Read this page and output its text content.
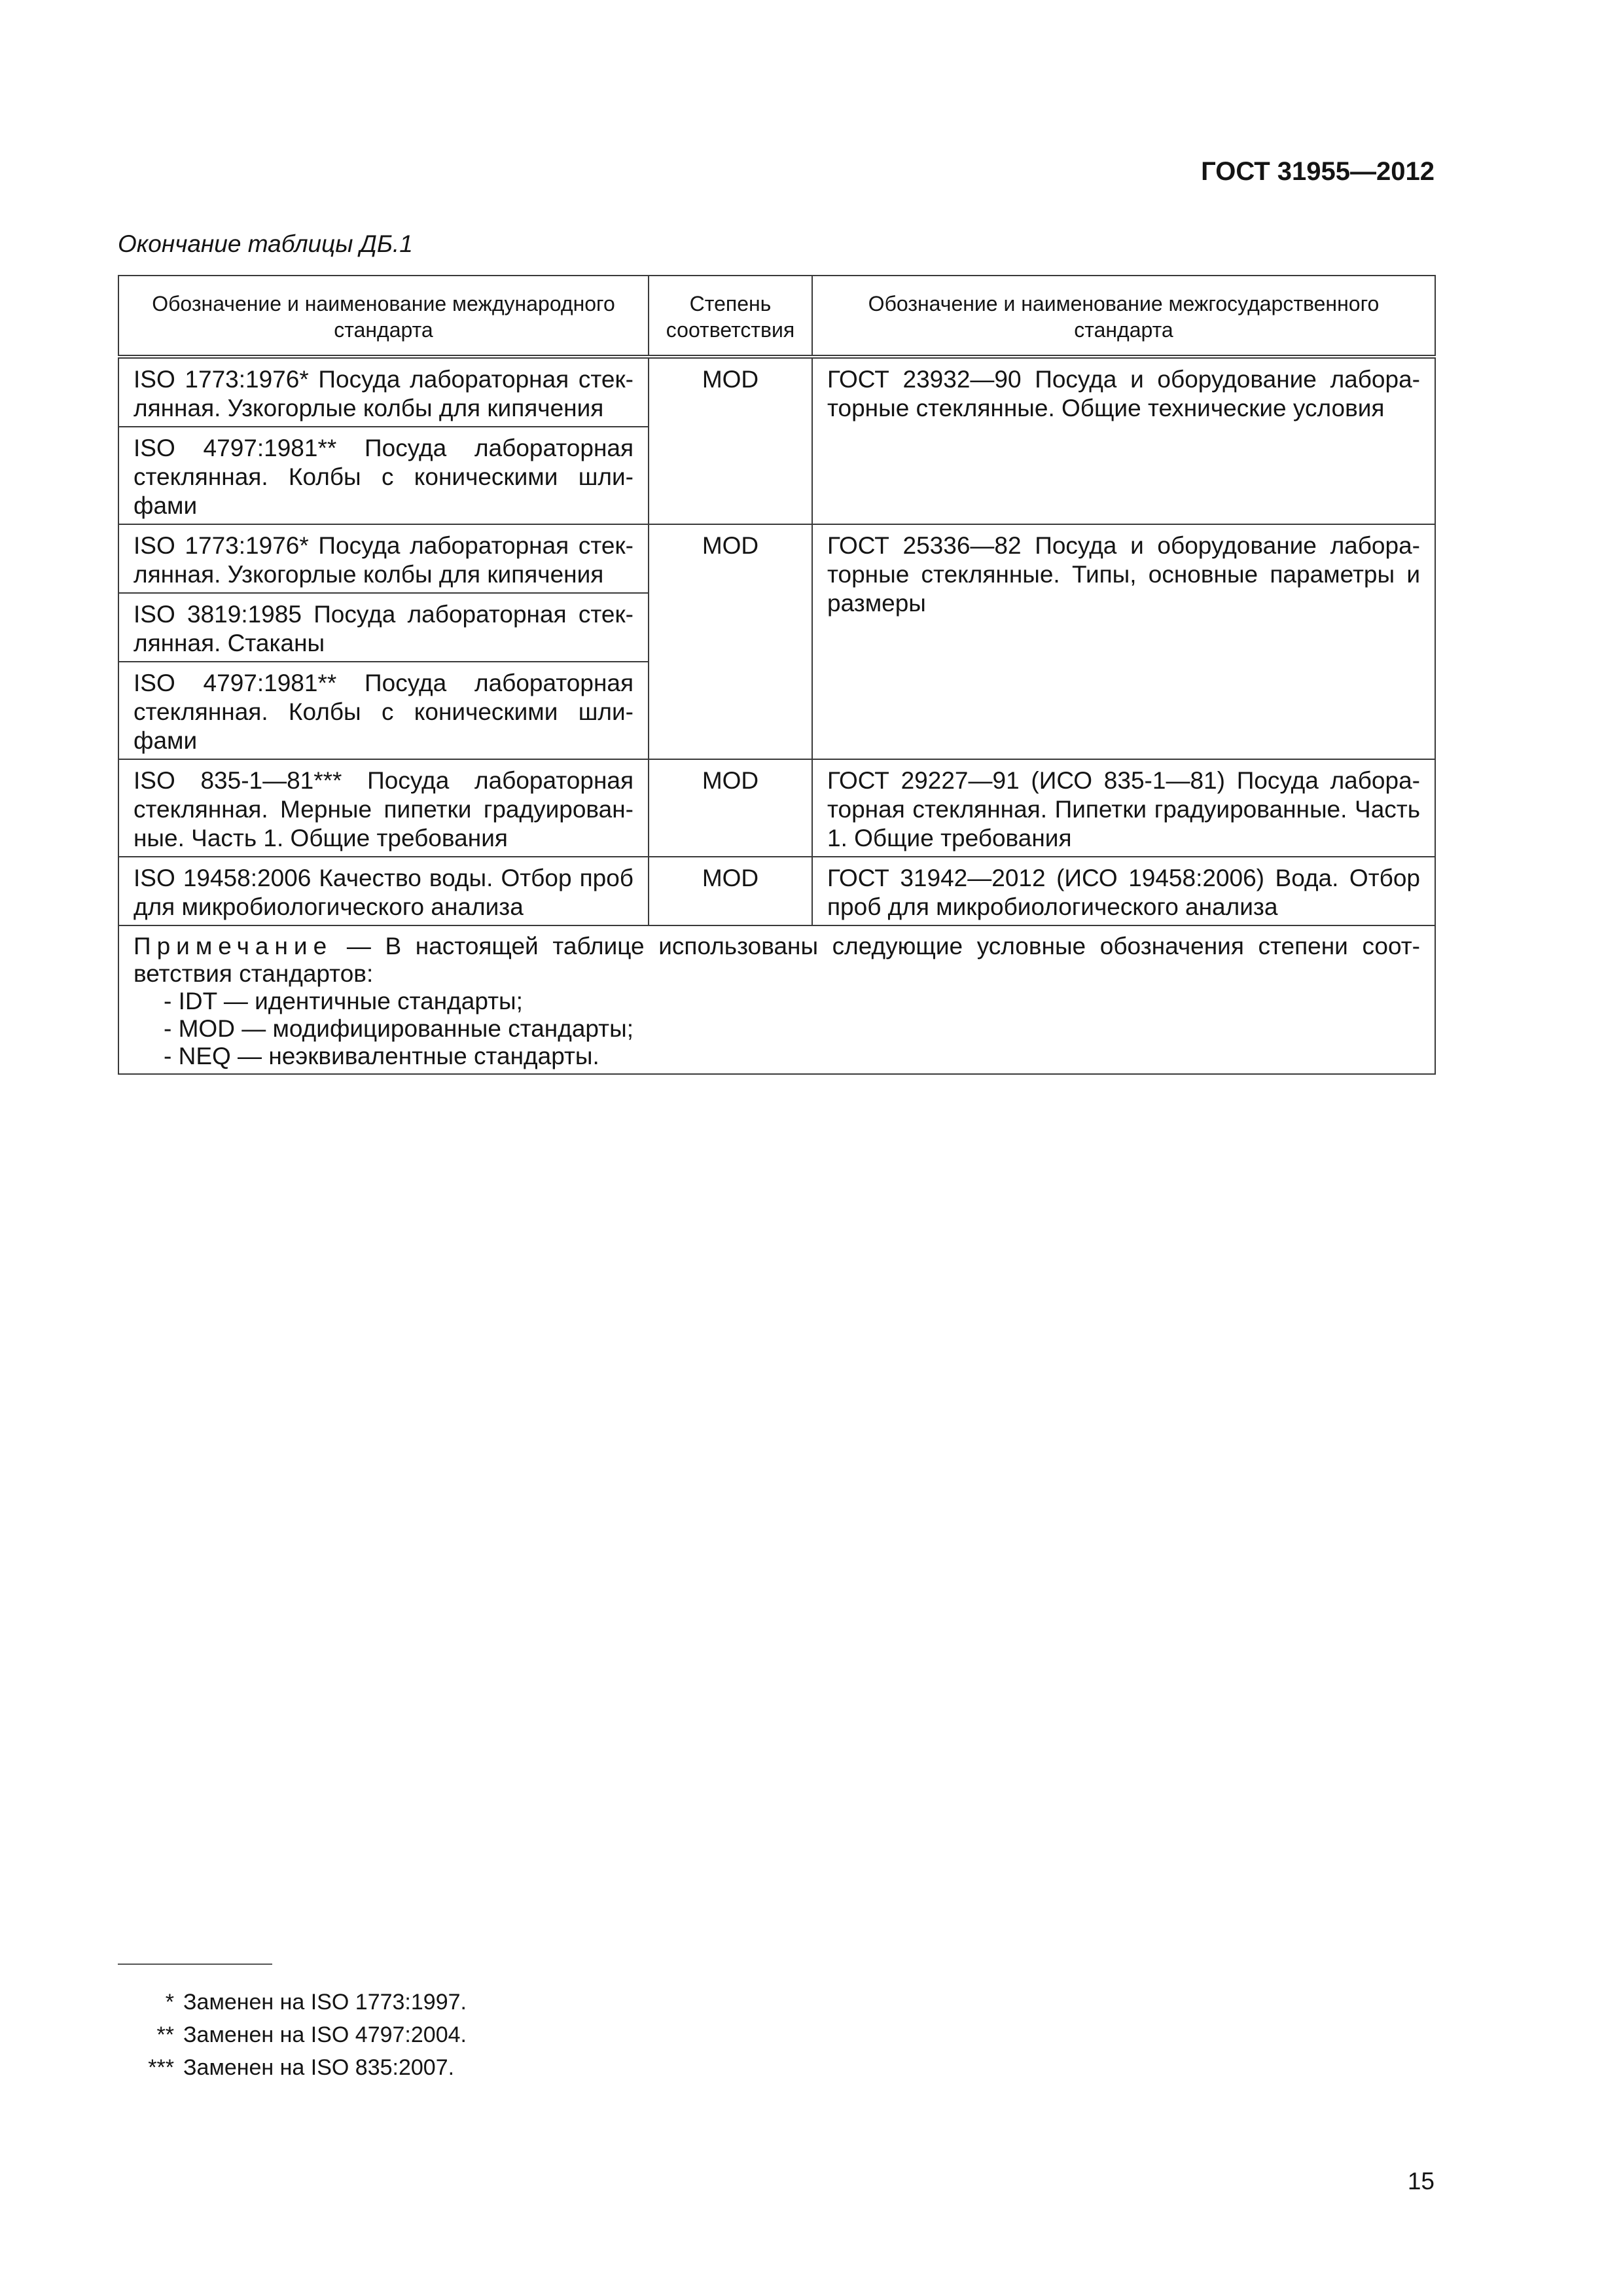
ГОСТ 31955—2012
Окончание таблицы ДБ.1
Обозначение и наименование международного стандарта	Степень соответствия	Обозначение и наименование межгосударственного стандарта
ISO 1773:1976* Посуда лабораторная стек-лянная. Узкогорлые колбы для кипячения	MOD	ГОСТ 23932—90 Посуда и оборудование лабора-торные стеклянные. Общие технические условия
ISO 4797:1981** Посуда лабораторная стеклянная. Колбы с коническими шли-фами		
ISO 1773:1976* Посуда лабораторная стек-лянная. Узкогорлые колбы для кипячения	MOD	ГОСТ 25336—82 Посуда и оборудование лабора-торные стеклянные. Типы, основные параметры и размеры
ISO 3819:1985 Посуда лабораторная стек-лянная. Стаканы		
ISO 4797:1981** Посуда лабораторная стеклянная. Колбы с коническими шли-фами		
ISO 835-1—81*** Посуда лабораторная стеклянная. Мерные пипетки градуирован-ные. Часть 1. Общие требования	MOD	ГОСТ 29227—91 (ИСО 835-1—81) Посуда лабора-торная стеклянная. Пипетки градуированные. Часть 1. Общие требования
ISO 19458:2006 Качество воды. Отбор проб для микробиологического анализа	MOD	ГОСТ 31942—2012 (ИСО 19458:2006) Вода. Отбор проб для микробиологического анализа
Примечание — В настоящей таблице использованы следующие условные обозначения степени соот-ветствия стандартов:
- IDT — идентичные стандарты;
- MOD — модифицированные стандарты;
- NEQ — неэквивалентные стандарты.		
* Заменен на ISO 1773:1997.
** Заменен на ISO 4797:2004.
*** Заменен на ISO 835:2007.
15
